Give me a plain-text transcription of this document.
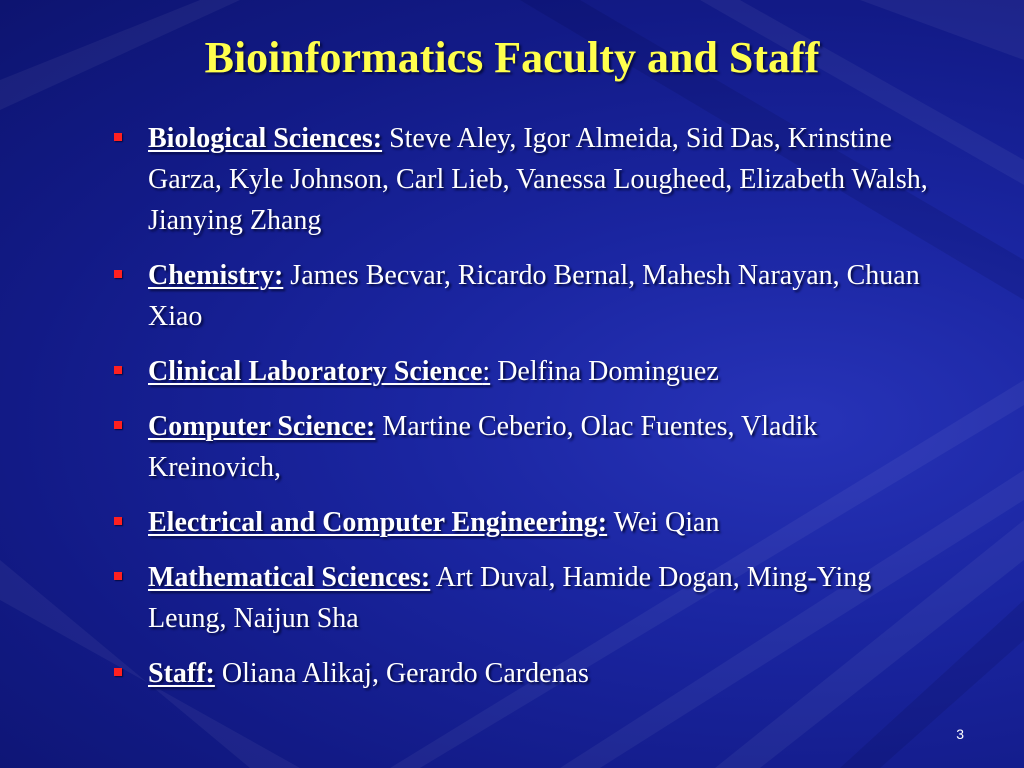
Bioinformatics Faculty and Staff
Biological Sciences: Steve Aley, Igor Almeida, Sid Das, Krinstine Garza, Kyle Johnson, Carl Lieb, Vanessa Lougheed, Elizabeth Walsh, Jianying Zhang
Chemistry: James Becvar, Ricardo Bernal, Mahesh Narayan, Chuan Xiao
Clinical Laboratory Science: Delfina Dominguez
Computer Science: Martine Ceberio, Olac Fuentes, Vladik Kreinovich,
Electrical and Computer Engineering: Wei Qian
Mathematical Sciences: Art Duval, Hamide Dogan, Ming-Ying Leung, Naijun Sha
Staff: Oliana Alikaj, Gerardo Cardenas
3
